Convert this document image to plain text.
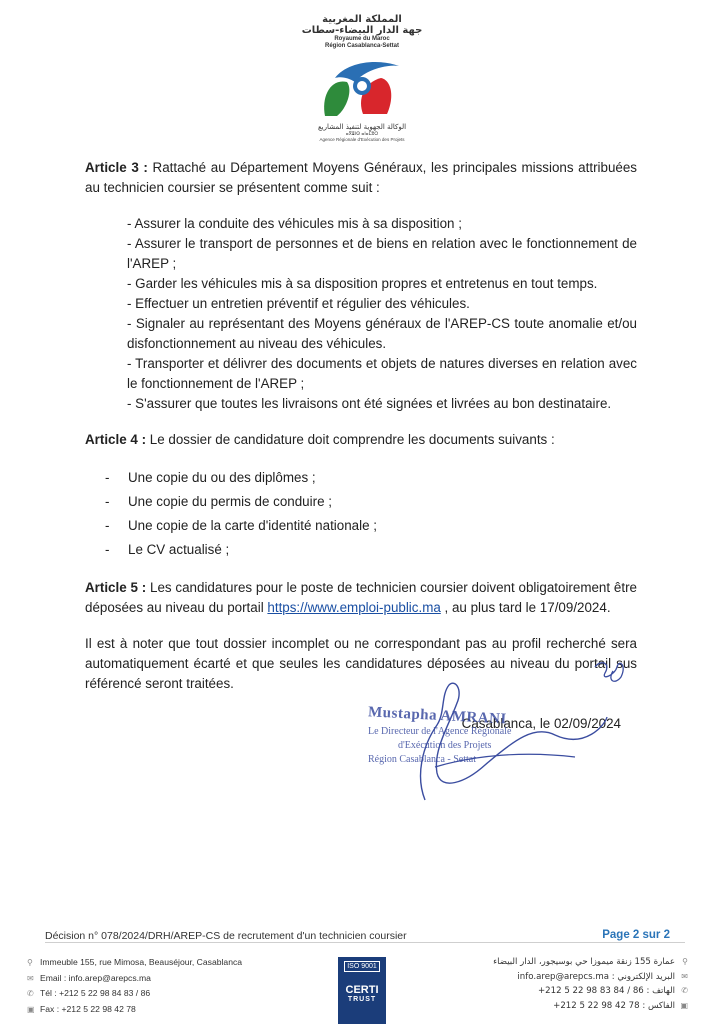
المملكة المغربية
جهة الدار البيضاء-سطات
Royaume du Maroc
Région Casablanca-Settat
الوكالة الجهوية لتنفيذ المشاريع
ⴰⴳⴻⵏⵙ ⴰⵏⴰⵎⵓⵔ
Agence Régionale d'Exécution des Projets

Article 3 : Rattaché au Département Moyens Généraux, les principales missions attribuées au technicien coursier se présentent comme suit :

- Assurer la conduite des véhicules mis à sa disposition ;

- Assurer le transport de personnes et de biens en relation avec le fonctionnement de l'AREP ;

- Garder les véhicules mis à sa disposition propres et entretenus en tout temps.

- Effectuer un entretien préventif et régulier des véhicules.

- Signaler au représentant des Moyens généraux de l'AREP-CS toute anomalie et/ou disfonctionnement au niveau des véhicules.

- Transporter et délivrer des documents et objets de natures diverses en relation avec le fonctionnement de l'AREP ;

- S'assurer que toutes les livraisons ont été signées et livrées au bon destinataire.

Article 4 : Le dossier de candidature doit comprendre les documents suivants :

-	Une copie du ou des diplômes ;
-	Une copie du permis de conduire ;
-	Une copie de la carte d'identité nationale ;
-	Le CV actualisé ;

Article 5 : Les candidatures pour le poste de technicien coursier doivent obligatoirement être déposées au niveau du portail https://www.emploi-public.ma , au plus tard le 17/09/2024.

Il est à noter que tout dossier incomplet ou ne correspondant pas au profil recherché sera automatiquement écarté et que seules les candidatures déposées au niveau du portail sus référencé seront traitées.

Casablanca, le 02/09/2024

Mustapha AMRANI
Le Directeur de l'Agence Régionale
d'Exécution des Projets
Région Casablanca - Settat
Décision n° 078/2024/DRH/AREP-CS de recrutement d'un technicien coursier	Page 2 sur 2
⚲ Immeuble 155, rue Mimosa, Beauséjour, Casablanca
✉ Email : info.arep@arepcs.ma
✆ Tél : +212 5 22 98 84 83 / 86
▣ Fax : +212 5 22 98 42 78
ISO 9001
CERTI
TRUST
⚲عمارة 155 زنقة ميموزا حي بوسيجور، الدار البيضاء
✉البريد الإلكتروني : info.arep@arepcs.ma
✆الهاتف : 86 / 84 83 98 22 5 212+
▣الفاكس : 78 42 98 22 5 212+
